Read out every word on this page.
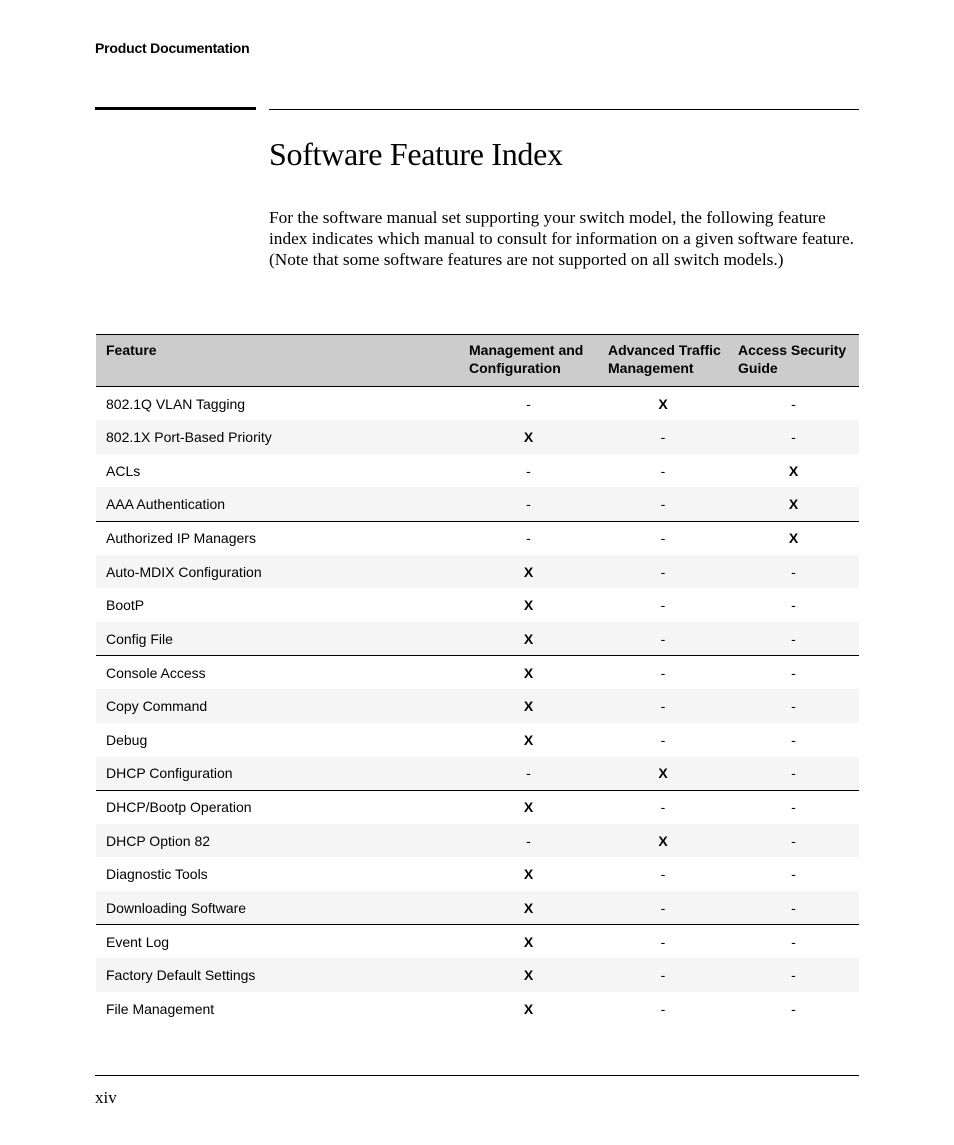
Product Documentation
Software Feature Index

For the software manual set supporting your switch model, the following feature index indicates which manual to consult for information on a given software feature. (Note that some software features are not supported on all switch models.)

Feature	Management and Configuration	Advanced Traffic Management	Access Security Guide
802.1Q VLAN Tagging	-	X	-
802.1X Port-Based Priority	X	-	-
ACLs	-	-	X
AAA Authentication	-	-	X
Authorized IP Managers	-	-	X
Auto-MDIX Configuration	X	-	-
BootP	X	-	-
Config File	X	-	-
Console Access	X	-	-
Copy Command	X	-	-
Debug	X	-	-
DHCP Configuration	-	X	-
DHCP/Bootp Operation	X	-	-
DHCP Option 82	-	X	-
Diagnostic Tools	X	-	-
Downloading Software	X	-	-
Event Log	X	-	-
Factory Default Settings	X	-	-
File Management	X	-	-
xiv
